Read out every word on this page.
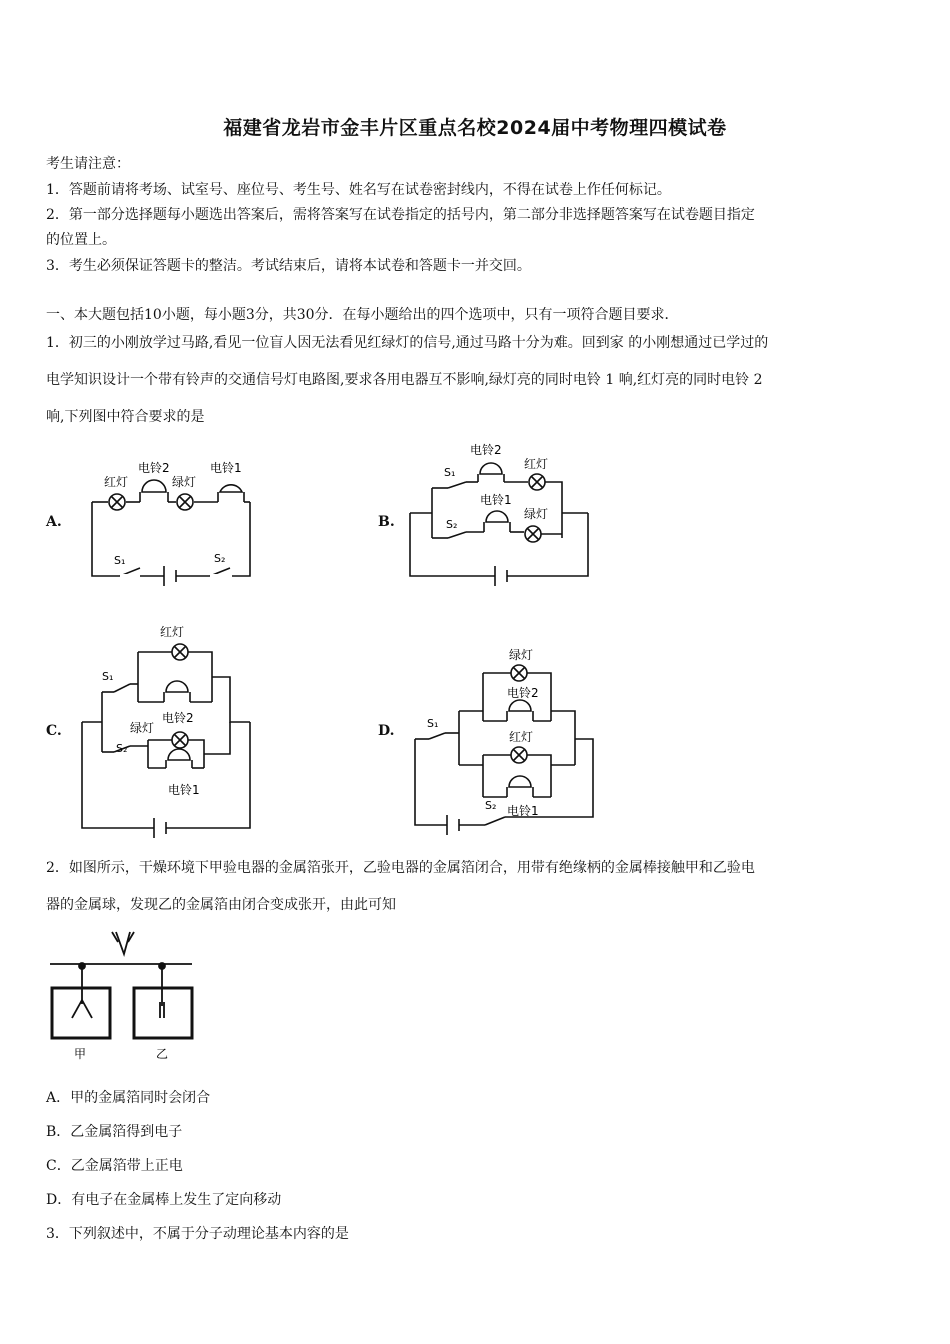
福建省龙岩市金丰片区重点名校2024届中考物理四模试卷
考生请注意：
1．答题前请将考场、试室号、座位号、考生号、姓名写在试卷密封线内，不得在试卷上作任何标记。
2．第一部分选择题每小题选出答案后，需将答案写在试卷指定的括号内，第二部分非选择题答案写在试卷题目指定
的位置上。
3．考生必须保证答题卡的整洁。考试结束后，请将本试卷和答题卡一并交回。
一、本大题包括10小题，每小题3分，共30分．在每小题给出的四个选项中，只有一项符合题目要求．
1．初三的小刚放学过马路,看见一位盲人因无法看见红绿灯的信号,通过马路十分为难。回到家 的小刚想通过已学过的
电学知识设计一个带有铃声的交通信号灯电路图,要求各用电器互不影响,绿灯亮的同时电铃 1 响,红灯亮的同时电铃 2
响,下列图中符合要求的是
A.	B.
C.	D.
红灯
电铃2
绿灯
电铃1
S₁	S₂
电铃2
红灯
电铃1
绿灯
S₁
S₂
红灯
电铃2
绿灯
电铃1
S₁
S₂
绿灯
电铃2
红灯
电铃1
S₁
S₂
2．如图所示，干燥环境下甲验电器的金属箔张开，乙验电器的金属箔闭合，用带有绝缘柄的金属棒接触甲和乙验电
器的金属球，发现乙的金属箔由闭合变成张开，由此可知
甲	乙
A．甲的金属箔同时会闭合
B．乙金属箔得到电子
C．乙金属箔带上正电
D．有电子在金属棒上发生了定向移动
3．下列叙述中，不属于分子动理论基本内容的是
